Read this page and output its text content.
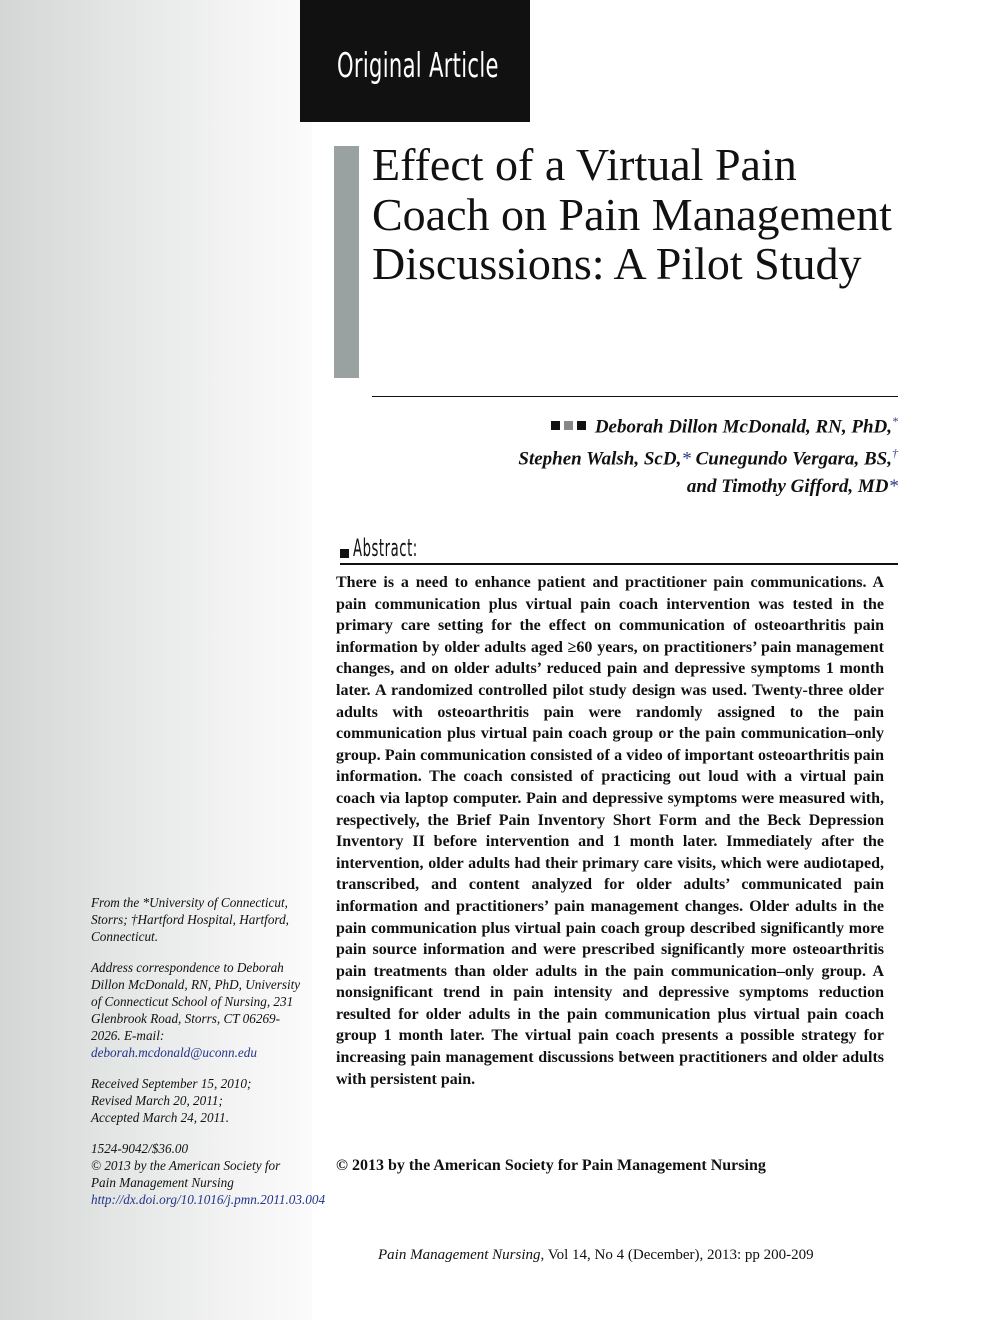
Original Article
Effect of a Virtual Pain Coach on Pain Management Discussions: A Pilot Study
Deborah Dillon McDonald, RN, PhD,*
Stephen Walsh, ScD,* Cunegundo Vergara, BS,†
and Timothy Gifford, MD*
Abstract:

There is a need to enhance patient and practitioner pain communications. A pain communication plus virtual pain coach intervention was tested in the primary care setting for the effect on communication of osteoarthritis pain information by older adults aged ≥60 years, on practitioners’ pain management changes, and on older adults’ reduced pain and depressive symptoms 1 month later. A randomized controlled pilot study design was used. Twenty-three older adults with osteoarthritis pain were randomly assigned to the pain communication plus virtual pain coach group or the pain communication–only group. Pain communication consisted of a video of important osteoarthritis pain information. The coach consisted of practicing out loud with a virtual pain coach via laptop computer. Pain and depressive symptoms were measured with, respectively, the Brief Pain Inventory Short Form and the Beck Depression Inventory II before intervention and 1 month later. Immediately after the intervention, older adults had their primary care visits, which were audiotaped, transcribed, and content analyzed for older adults’ communicated pain information and practitioners’ pain management changes. Older adults in the pain communication plus virtual pain coach group described significantly more pain source information and were prescribed significantly more osteoarthritis pain treatments than older adults in the pain communication–only group. A nonsignificant trend in pain intensity and depressive symptoms reduction resulted for older adults in the pain communication plus virtual pain coach group 1 month later. The virtual pain coach presents a possible strategy for increasing pain management discussions between practitioners and older adults with persistent pain.

© 2013 by the American Society for Pain Management Nursing

From the *University of Connecticut, Storrs; †Hartford Hospital, Hartford, Connecticut.

Address correspondence to Deborah Dillon McDonald, RN, PhD, University of Connecticut School of Nursing, 231 Glenbrook Road, Storrs, CT 06269-2026. E-mail: deborah.mcdonald@uconn.edu

Received September 15, 2010;
Revised March 20, 2011;
Accepted March 24, 2011.

1524-9042/$36.00
© 2013 by the American Society for Pain Management Nursing
http://dx.doi.org/10.1016/j.pmn.2011.03.004

Pain Management Nursing, Vol 14, No 4 (December), 2013: pp 200-209
